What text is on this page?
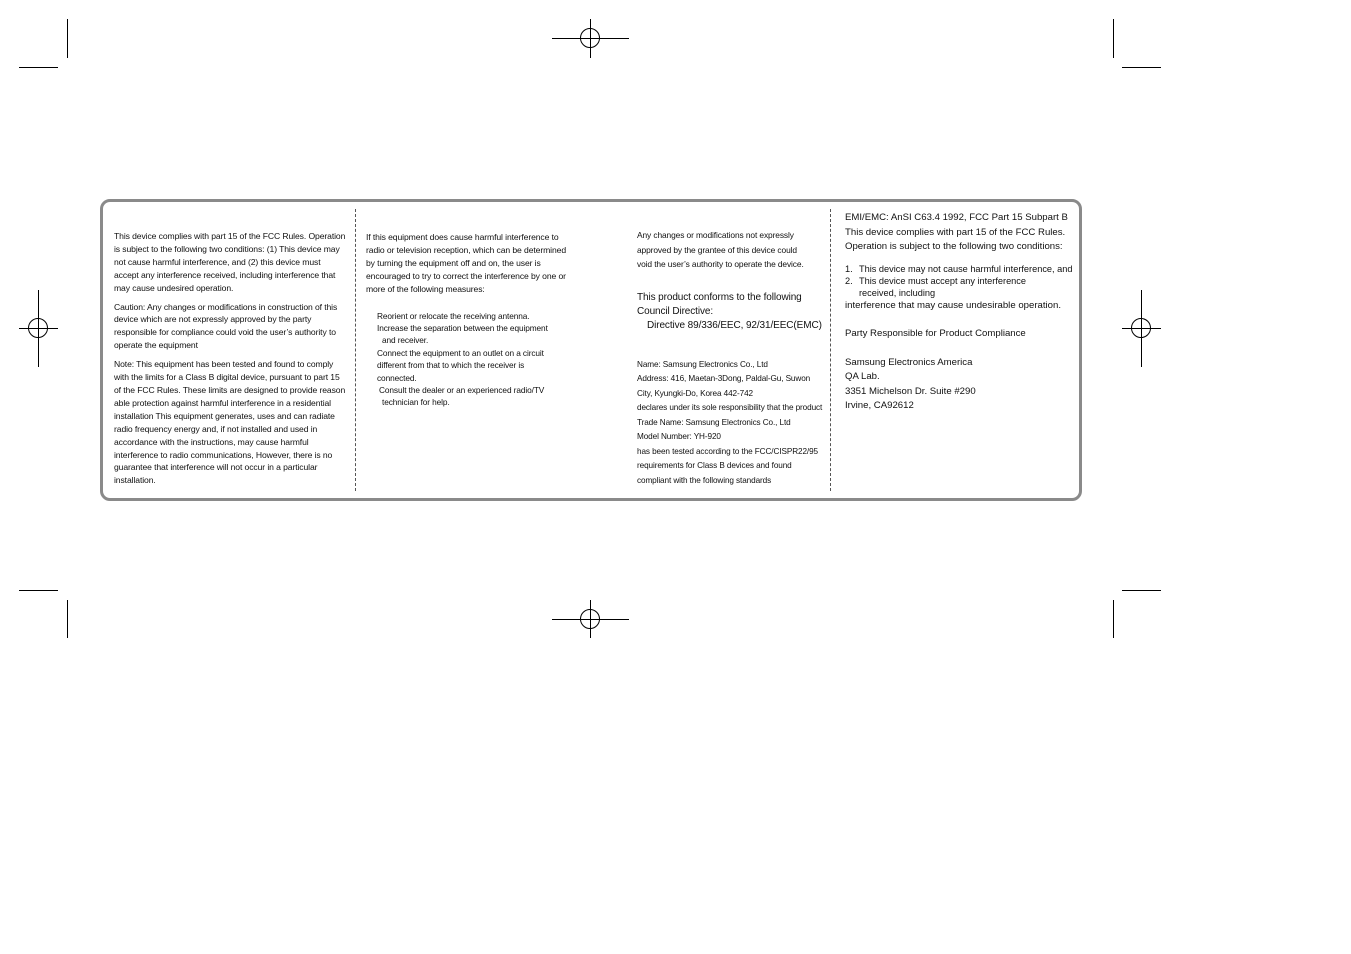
This device complies with part 15 of the FCC Rules. Operation is subject to the following two conditions: (1) This device may not cause harmful interference, and (2) this device must accept any interference received, including interference that may cause undesired operation.

Caution: Any changes or modifications in construction of this device which are not expressly approved by the party responsible for compliance could void the user’s authority to operate the equipment

Note: This equipment has been tested and found to comply with the limits for a Class B digital device, pursuant to part 15 of the FCC Rules. These limits are designed to provide reason able protection against harmful interference in a residential installation This equipment generates, uses and can radiate radio frequency energy and, if not installed and used in accordance with the instructions, may cause harmful interference to radio communications, However, there is no guarantee that interference will not occur in a particular installation.

If this equipment does cause harmful interference to radio or television reception, which can be determined by turning the equipment off and on, the user is encouraged to try to correct the interference by one or more of the following measures:
Reorient or relocate the receiving antenna.
Increase the separation between the equipment
and receiver.
Connect the equipment to an outlet on a circuit different from that to which the receiver is connected.
Consult the dealer or an experienced radio/TV
technician for help.
Any changes or modifications not expressly approved by the grantee of this device could void the user’s authority to operate the device.
This product conforms to the following Council Directive:
Directive 89/336/EEC, 92/31/EEC(EMC)
Name: Samsung Electronics Co., Ltd
Address: 416, Maetan-3Dong, Paldal-Gu, Suwon City, Kyungki-Do, Korea 442-742
declares under its sole responsibility that the product
Trade Name: Samsung Electronics Co., Ltd
Model Number: YH-920
has been tested according to the FCC/CISPR22/95 requirements for Class B devices and found compliant with the following standards
EMI/EMC: AnSI C63.4 1992, FCC Part 15 Subpart B
This device complies with part 15 of the FCC Rules.
Operation is subject to the following two conditions:
1. This device may not cause harmful interference, and
2. This device must accept any interference received, including
interference that may cause undesirable operation.
Party Responsible for Product Compliance
Samsung Electronics America
QA Lab.
3351 Michelson Dr. Suite #290
Irvine, CA92612
